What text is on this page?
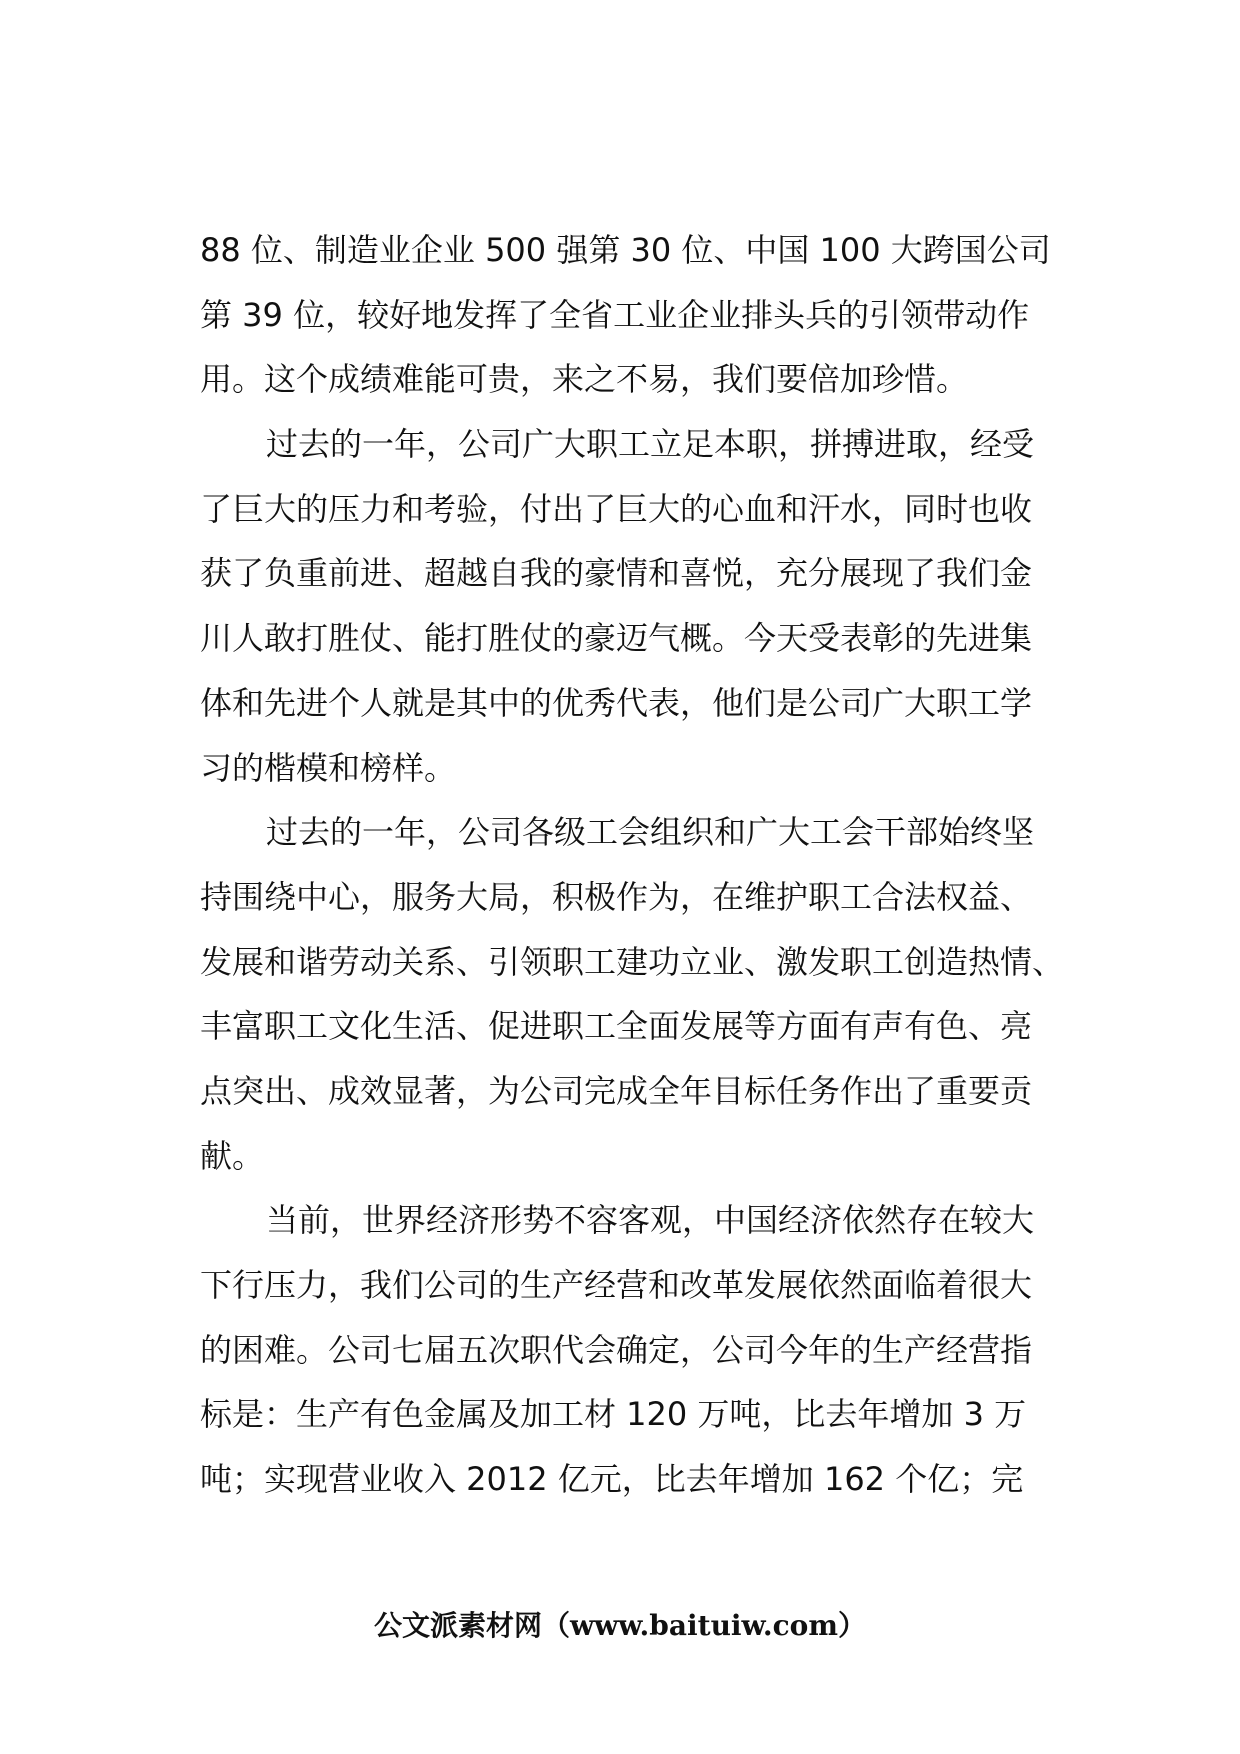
88 位、制造业企业 500 强第 30 位、中国 100 大跨国公司
第 39 位，较好地发挥了全省工业企业排头兵的引领带动作
用。这个成绩难能可贵，来之不易，我们要倍加珍惜。
过去的一年，公司广大职工立足本职，拼搏进取，经受
了巨大的压力和考验，付出了巨大的心血和汗水，同时也收
获了负重前进、超越自我的豪情和喜悦，充分展现了我们金
川人敢打胜仗、能打胜仗的豪迈气概。今天受表彰的先进集
体和先进个人就是其中的优秀代表，他们是公司广大职工学
习的楷模和榜样。
过去的一年，公司各级工会组织和广大工会干部始终坚
持围绕中心，服务大局，积极作为，在维护职工合法权益、
发展和谐劳动关系、引领职工建功立业、激发职工创造热情、
丰富职工文化生活、促进职工全面发展等方面有声有色、亮
点突出、成效显著，为公司完成全年目标任务作出了重要贡
献。
当前，世界经济形势不容客观，中国经济依然存在较大
下行压力，我们公司的生产经营和改革发展依然面临着很大
的困难。公司七届五次职代会确定，公司今年的生产经营指
标是：生产有色金属及加工材 120 万吨，比去年增加 3 万
吨；实现营业收入 2012 亿元，比去年增加 162 个亿；完
公文派素材网（www.baituiw.com）
